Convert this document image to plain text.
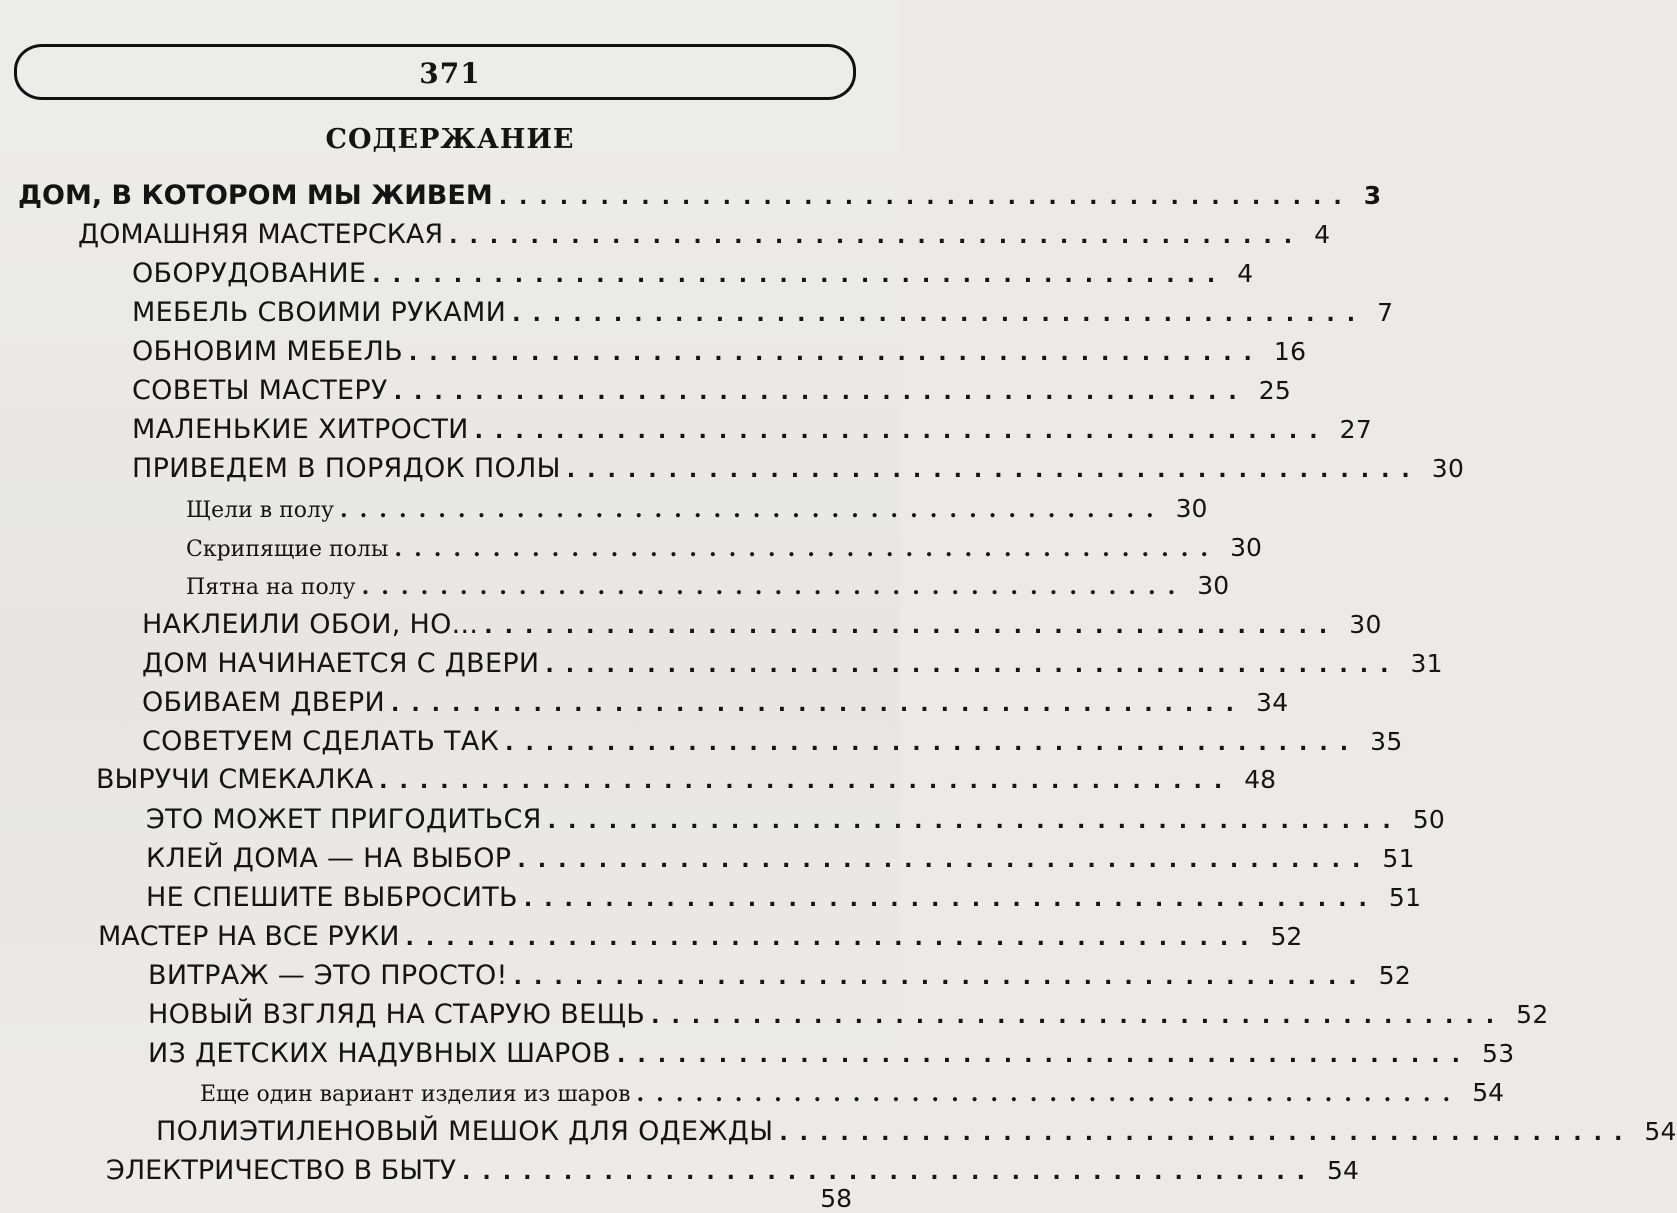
371
СОДЕРЖАНИЕ
ДОМ, В КОТОРОМ МЫ ЖИВЕМ .......................................... 3
ДОМАШНЯЯ МАСТЕРСКАЯ .......................................... 4
ОБОРУДОВАНИЕ .......................................... 4
МЕБЕЛЬ СВОИМИ РУКАМИ .......................................... 7
ОБНОВИМ МЕБЕЛЬ .......................................... 16
СОВЕТЫ МАСТЕРУ .......................................... 25
МАЛЕНЬКИЕ ХИТРОСТИ .......................................... 27
ПРИВЕДЕМ В ПОРЯДОК ПОЛЫ .......................................... 30
Щели в полу .......................................... 30
Скрипящие полы .......................................... 30
Пятна на полу .......................................... 30
НАКЛЕИЛИ ОБОИ, НО... .......................................... 30
ДОМ НАЧИНАЕТСЯ С ДВЕРИ .......................................... 31
ОБИВАЕМ ДВЕРИ .......................................... 34
СОВЕТУЕМ СДЕЛАТЬ ТАК .......................................... 35
ВЫРУЧИ СМЕКАЛКА .......................................... 48
ЭТО МОЖЕТ ПРИГОДИТЬСЯ .......................................... 50
КЛЕЙ ДОМА — НА ВЫБОР .......................................... 51
НЕ СПЕШИТЕ ВЫБРОСИТЬ .......................................... 51
МАСТЕР НА ВСЕ РУКИ .......................................... 52
ВИТРАЖ — ЭТО ПРОСТО! .......................................... 52
НОВЫЙ ВЗГЛЯД НА СТАРУЮ ВЕЩЬ .......................................... 52
ИЗ ДЕТСКИХ НАДУВНЫХ ШАРОВ .......................................... 53
Еще один вариант изделия из шаров .......................................... 54
ПОЛИЭТИЛЕНОВЫЙ МЕШОК ДЛЯ ОДЕЖДЫ .......................................... 54
ЭЛЕКТРИЧЕСТВО В БЫТУ .......................................... 54
58
